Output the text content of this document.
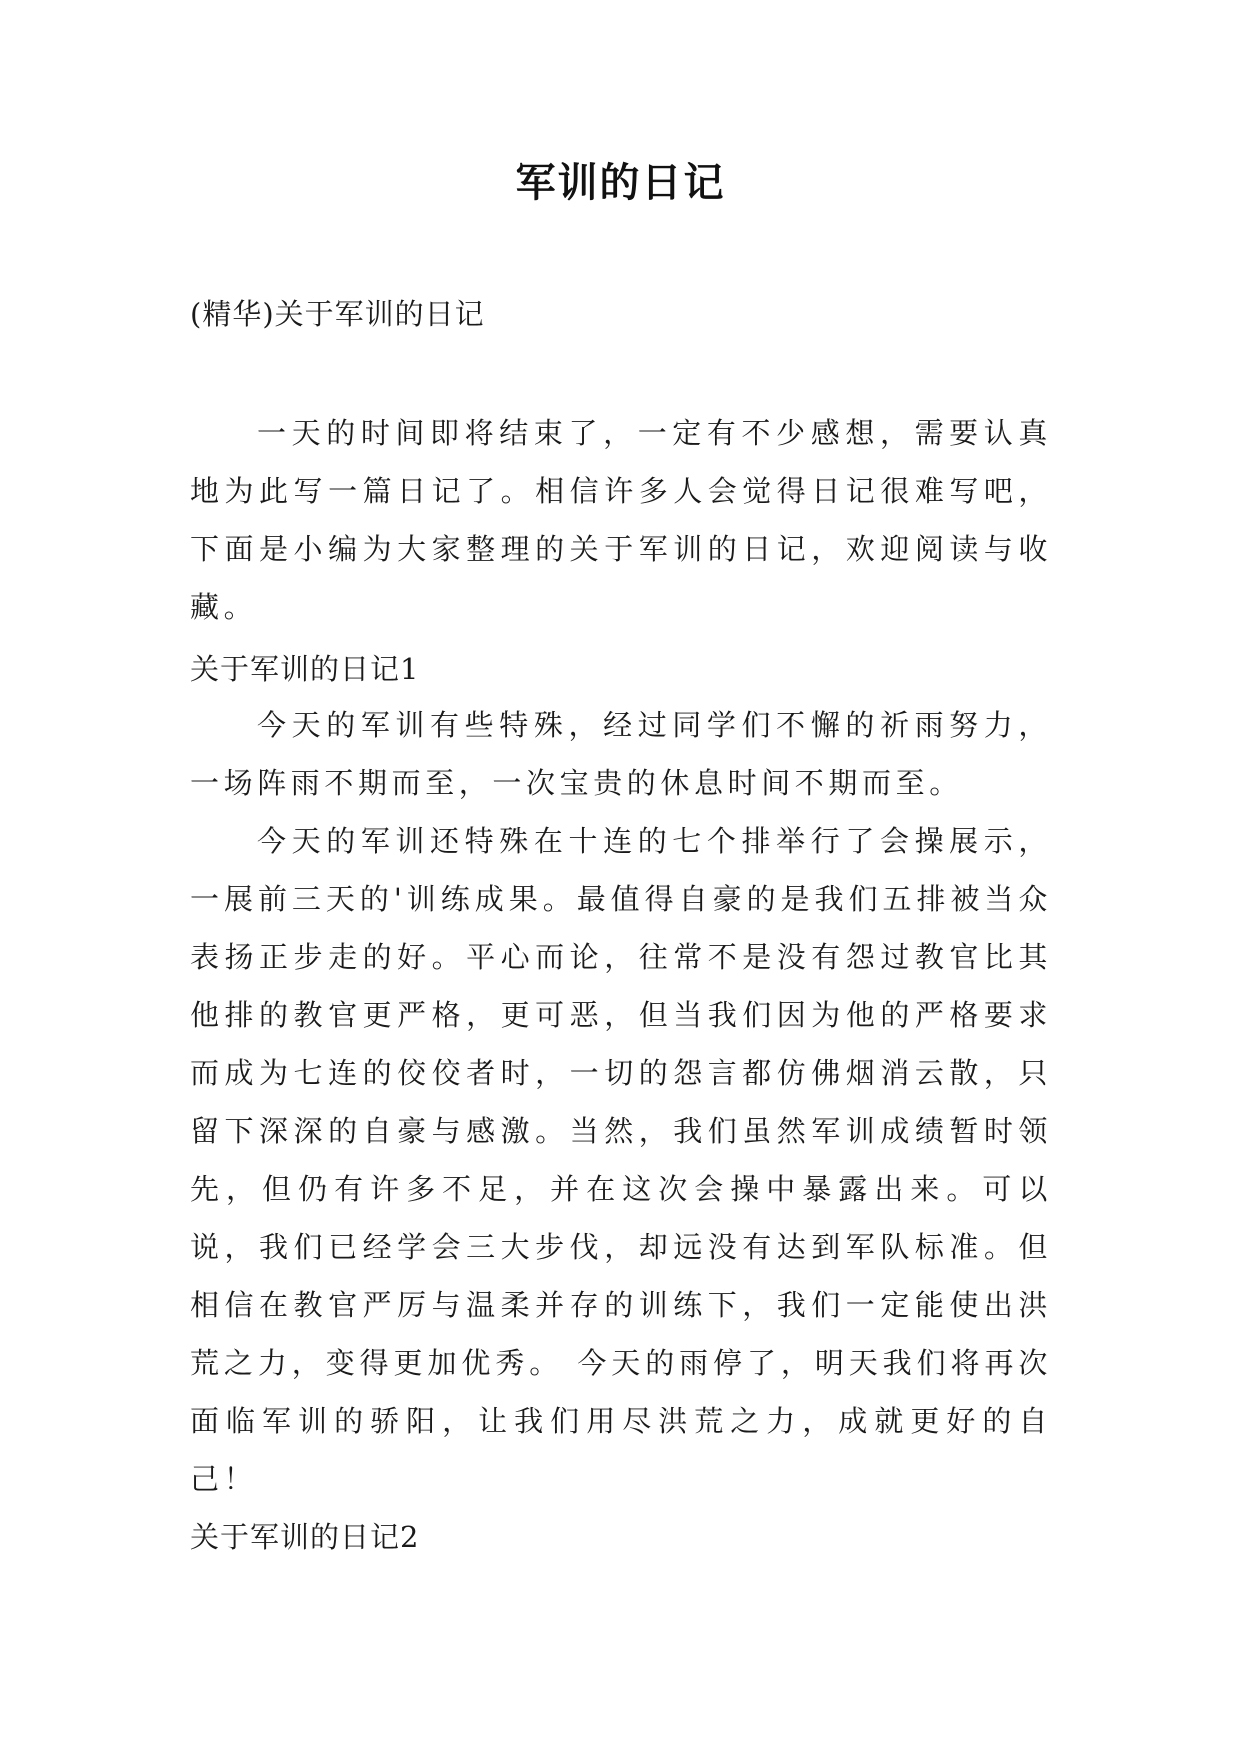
军训的日记
(精华)关于军训的日记
一天的时间即将结束了，一定有不少感想，需要认真地为此写一篇日记了。相信许多人会觉得日记很难写吧，下面是小编为大家整理的关于军训的日记，欢迎阅读与收藏。
关于军训的日记1
今天的军训有些特殊，经过同学们不懈的祈雨努力，一场阵雨不期而至，一次宝贵的休息时间不期而至。
今天的军训还特殊在十连的七个排举行了会操展示，一展前三天的'训练成果。最值得自豪的是我们五排被当众表扬正步走的好。平心而论，往常不是没有怨过教官比其他排的教官更严格，更可恶，但当我们因为他的严格要求而成为七连的佼佼者时，一切的怨言都仿佛烟消云散，只留下深深的自豪与感激。当然，我们虽然军训成绩暂时领先，但仍有许多不足，并在这次会操中暴露出来。可以说，我们已经学会三大步伐，却远没有达到军队标准。但相信在教官严厉与温柔并存的训练下，我们一定能使出洪荒之力，变得更加优秀。 今天的雨停了，明天我们将再次面临军训的骄阳，让我们用尽洪荒之力，成就更好的自己！
关于军训的日记2
